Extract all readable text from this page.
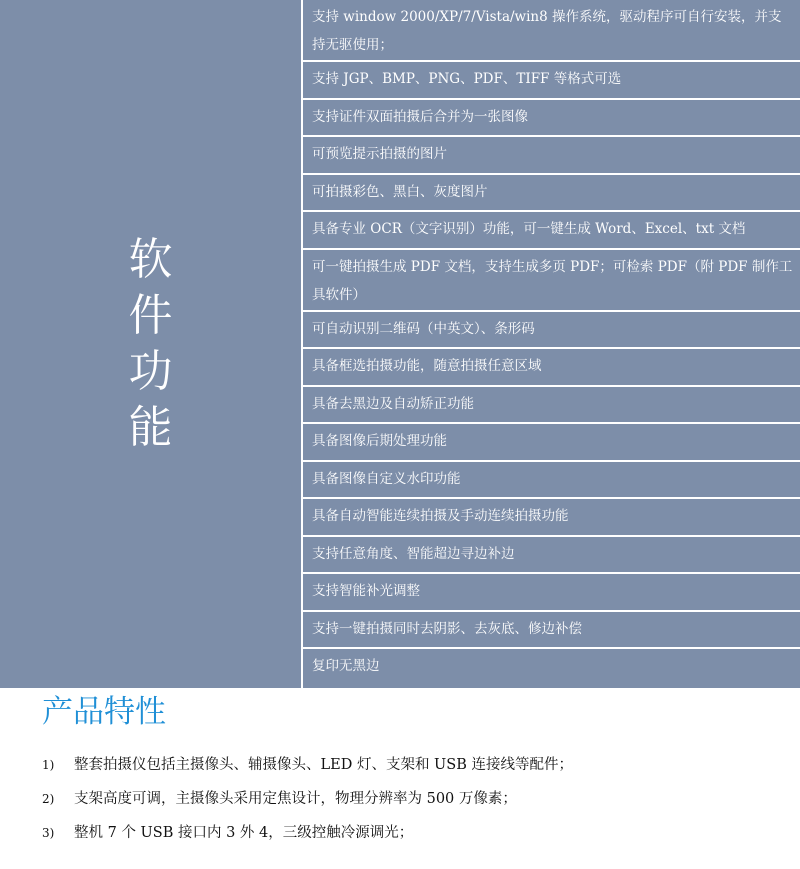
软件功能
支持 window 2000/XP/7/Vista/win8 操作系统，驱动程序可自行安装，并支持无驱使用；
支持 JGP、BMP、PNG、PDF、TIFF 等格式可选
支持证件双面拍摄后合并为一张图像
可预览提示拍摄的图片
可拍摄彩色、黑白、灰度图片
具备专业 OCR（文字识别）功能，可一键生成 Word、Excel、txt 文档
可一键拍摄生成 PDF 文档，支持生成多页 PDF；可检索 PDF（附 PDF 制作工具软件）
可自动识别二维码（中英文）、条形码
具备框选拍摄功能，随意拍摄任意区域
具备去黑边及自动矫正功能
具备图像后期处理功能
具备图像自定义水印功能
具备自动智能连续拍摄及手动连续拍摄功能
支持任意角度、智能超边寻边补边
支持智能补光调整
支持一键拍摄同时去阴影、去灰底、修边补偿
复印无黑边
产品特性
1) 整套拍摄仪包括主摄像头、辅摄像头、LED 灯、支架和 USB 连接线等配件；
2) 支架高度可调，主摄像头采用定焦设计，物理分辨率为 500 万像素；
3) 整机 7 个 USB 接口内 3 外 4，三级控触冷源调光；
